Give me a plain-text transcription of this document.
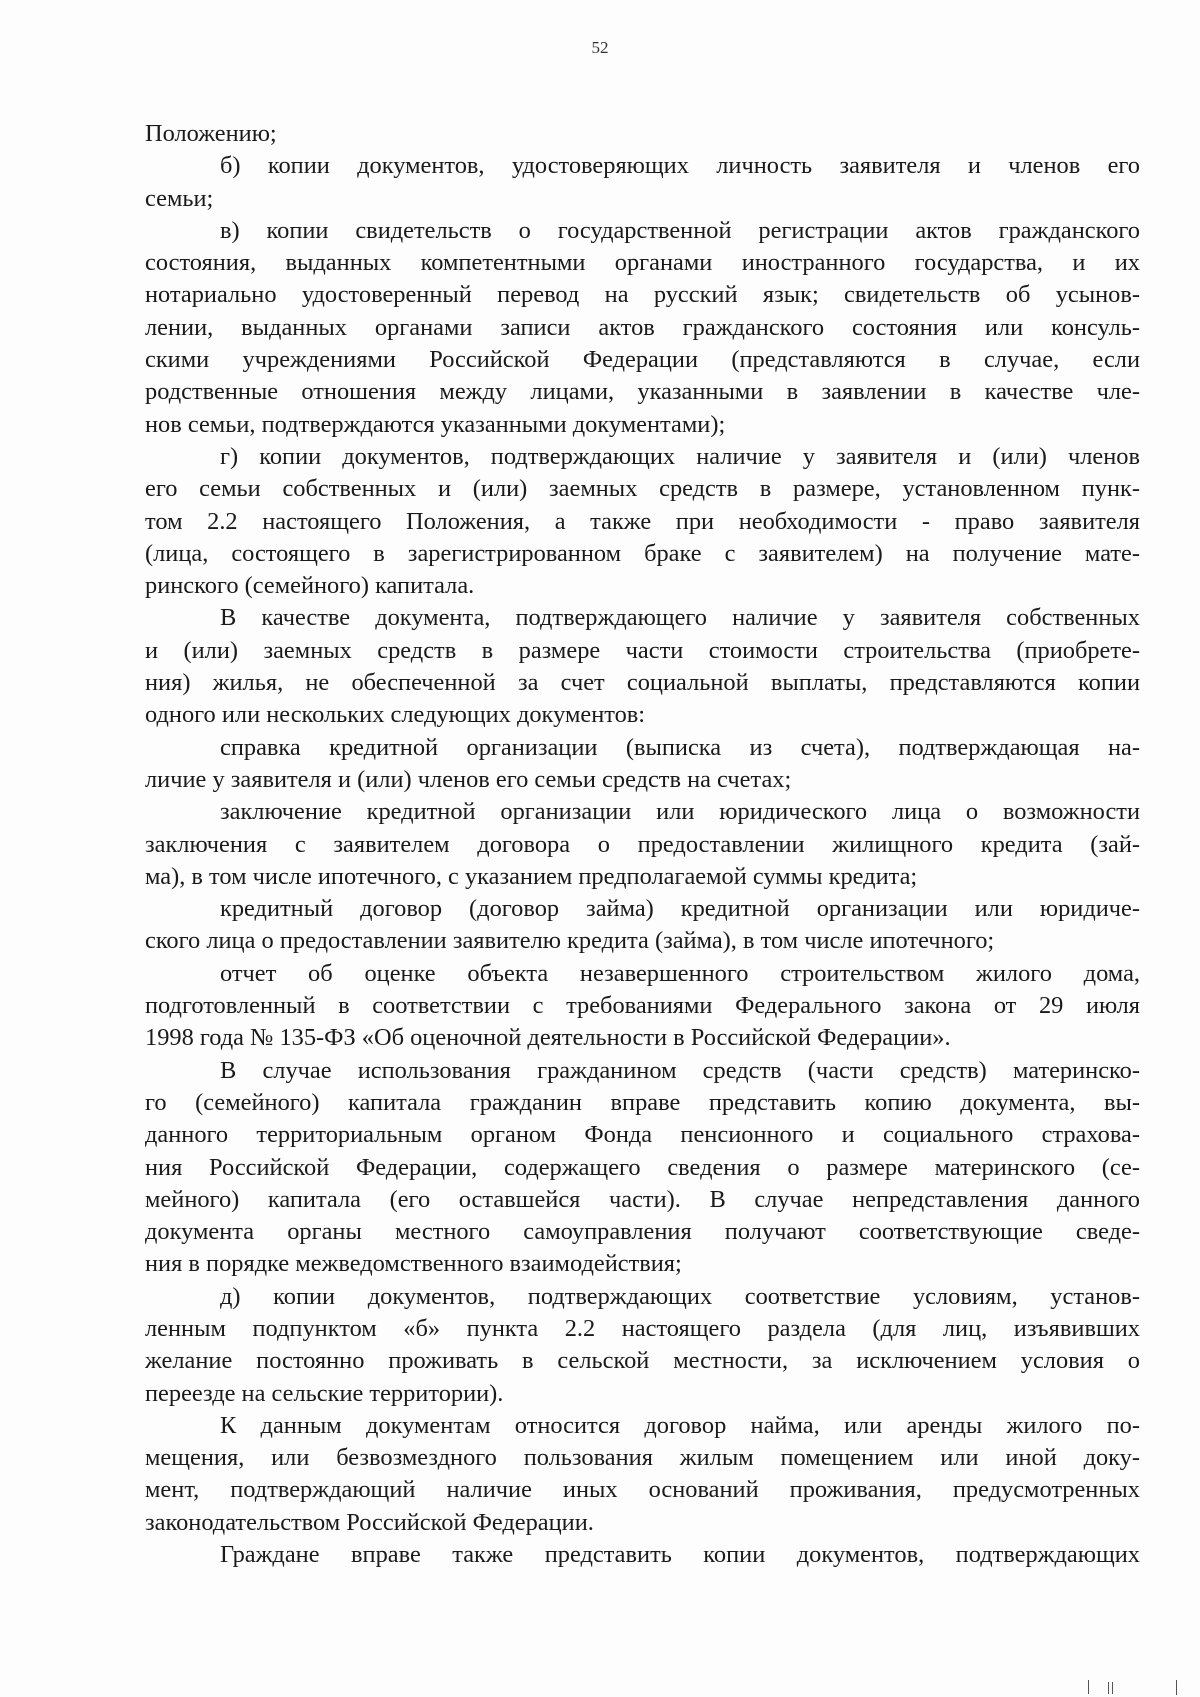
52

Положению;

б) копии документов, удостоверяющих личность заявителя и членов его

семьи;

в) копии свидетельств о государственной регистрации актов гражданского

состояния, выданных компетентными органами иностранного государства, и их

нотариально удостоверенный перевод на русский язык; свидетельств об усынов-

лении, выданных органами записи актов гражданского состояния или консуль-

скими учреждениями Российской Федерации (представляются в случае, если

родственные отношения между лицами, указанными в заявлении в качестве чле-

нов семьи, подтверждаются указанными документами);

г) копии документов, подтверждающих наличие у заявителя и (или) членов

его семьи собственных и (или) заемных средств в размере, установленном пунк-

том 2.2 настоящего Положения, а также при необходимости - право заявителя

(лица, состоящего в зарегистрированном браке с заявителем) на получение мате-

ринского (семейного) капитала.

В качестве документа, подтверждающего наличие у заявителя собственных

и (или) заемных средств в размере части стоимости строительства (приобрете-

ния) жилья, не обеспеченной за счет социальной выплаты, представляются копии

одного или нескольких следующих документов:

справка кредитной организации (выписка из счета), подтверждающая на-

личие у заявителя и (или) членов его семьи средств на счетах;

заключение кредитной организации или юридического лица о возможности

заключения с заявителем договора о предоставлении жилищного кредита (зай-

ма), в том числе ипотечного, с указанием предполагаемой суммы кредита;

кредитный договор (договор займа) кредитной организации или юридиче-

ского лица о предоставлении заявителю кредита (займа), в том числе ипотечного;

отчет об оценке объекта незавершенного строительством жилого дома,

подготовленный в соответствии с требованиями Федерального закона от 29 июля

1998 года № 135-ФЗ «Об оценочной деятельности в Российской Федерации».

В случае использования гражданином средств (части средств) материнско-

го (семейного) капитала гражданин вправе представить копию документа, вы-

данного территориальным органом Фонда пенсионного и социального страхова-

ния Российской Федерации, содержащего сведения о размере материнского (се-

мейного) капитала (его оставшейся части). В случае непредставления данного

документа органы местного самоуправления получают соответствующие сведе-

ния в порядке межведомственного взаимодействия;

д) копии документов, подтверждающих соответствие условиям, установ-

ленным подпунктом «б» пункта 2.2 настоящего раздела (для лиц, изъявивших

желание постоянно проживать в сельской местности, за исключением условия о

переезде на сельские территории).

К данным документам относится договор найма, или аренды жилого по-

мещения, или безвозмездного пользования жилым помещением или иной доку-

мент, подтверждающий наличие иных оснований проживания, предусмотренных

законодательством Российской Федерации.

Граждане вправе также представить копии документов, подтверждающих
